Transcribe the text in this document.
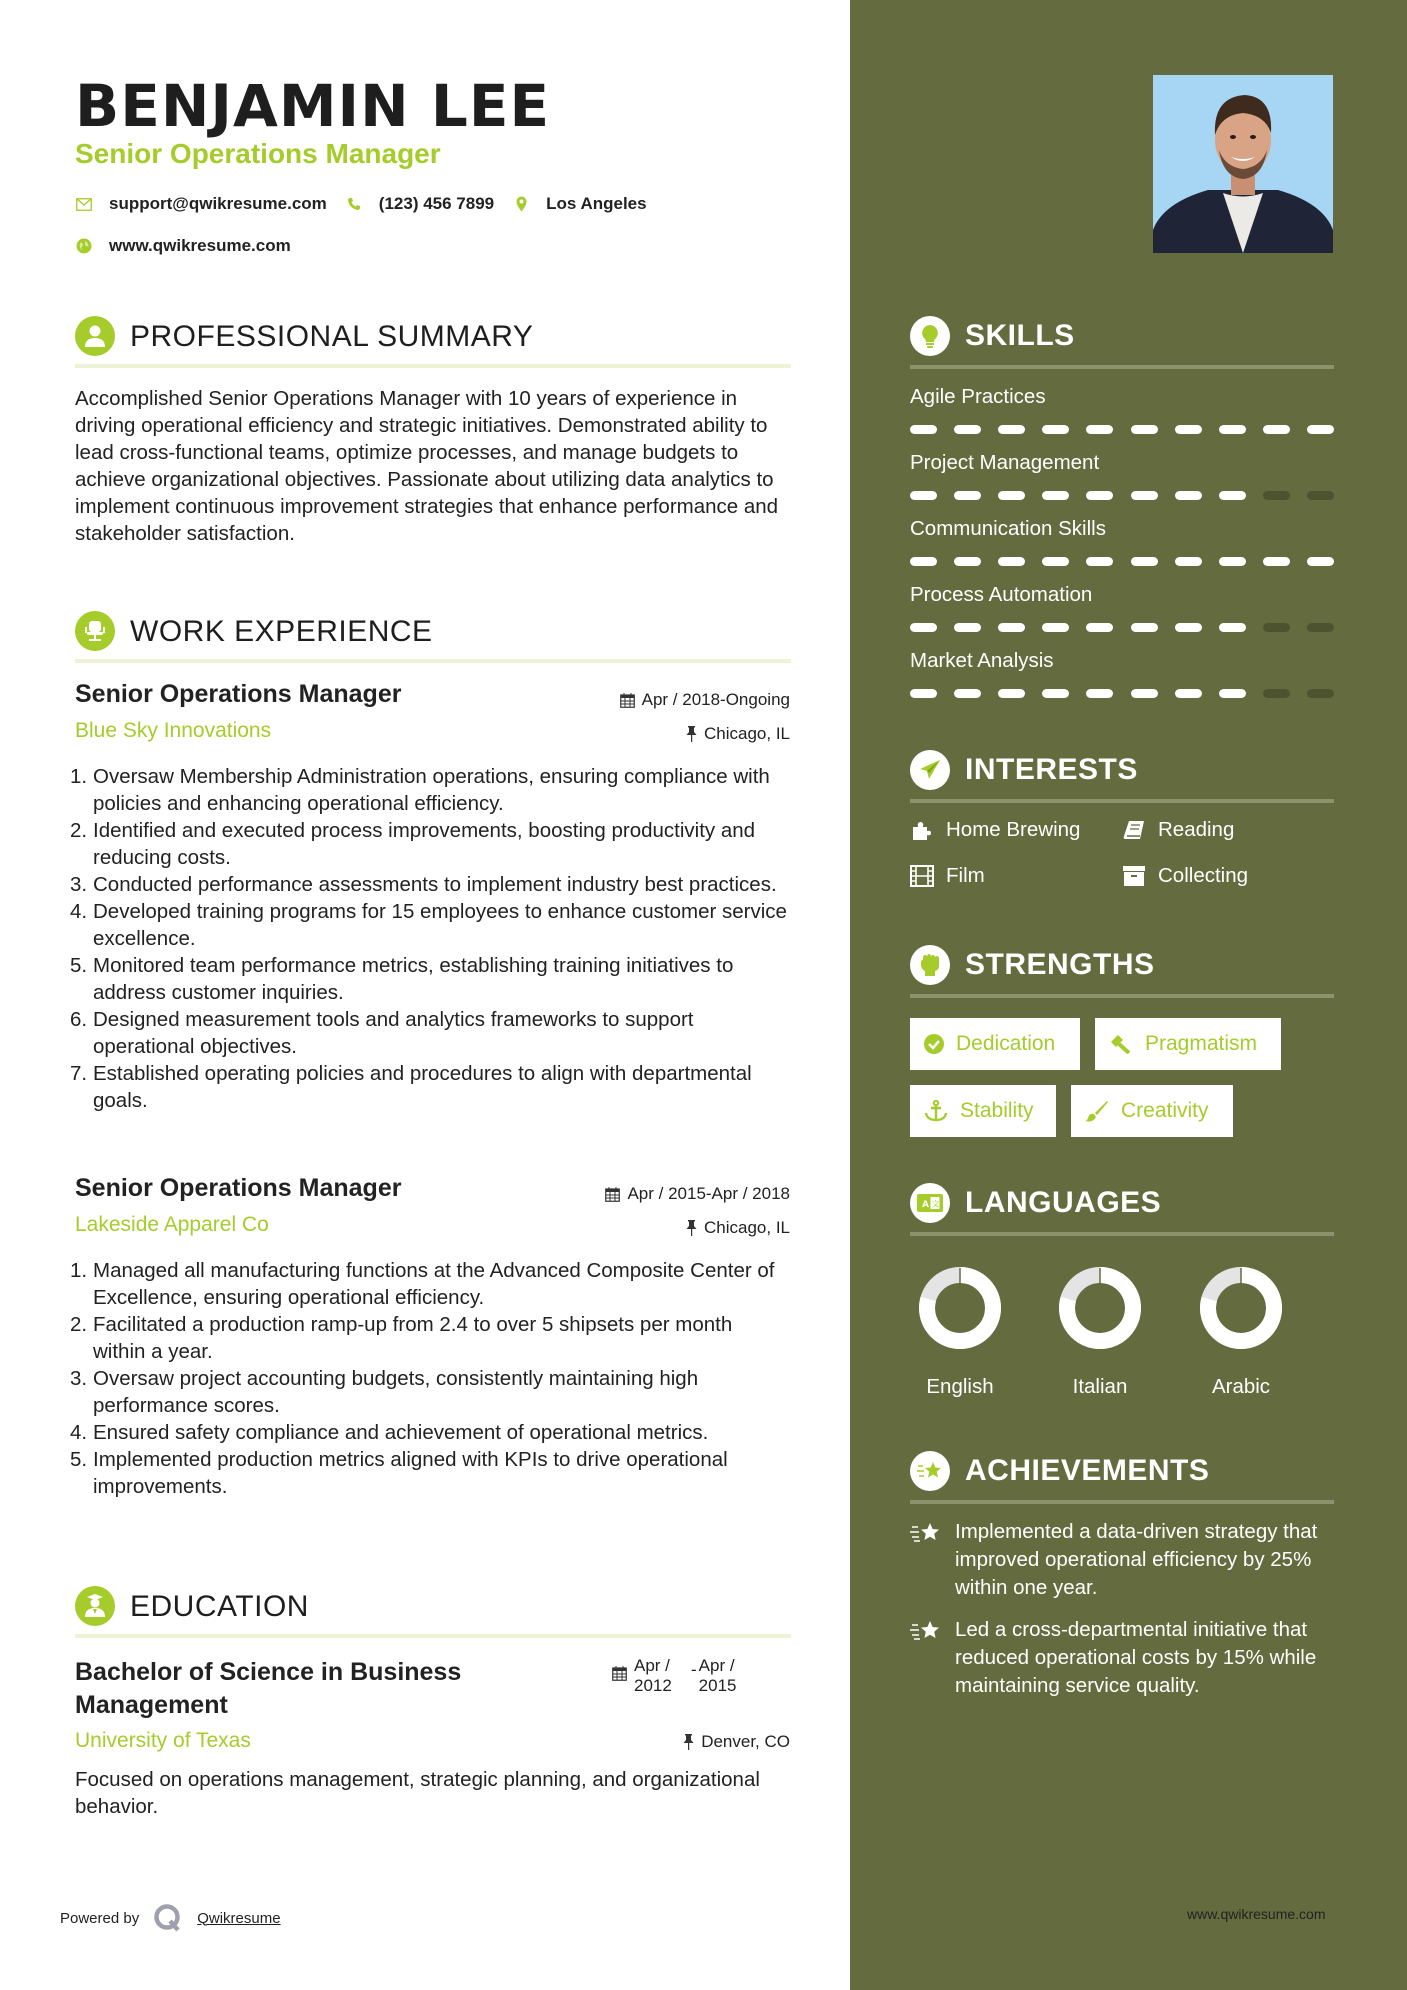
BENJAMIN LEE
Senior Operations Manager
support@qwikresume.com	(123) 456 7899	Los Angeles
www.qwikresume.com
PROFESSIONAL SUMMARY
Accomplished Senior Operations Manager with 10 years of experience in driving operational efficiency and strategic initiatives. Demonstrated ability to lead cross-functional teams, optimize processes, and manage budgets to achieve organizational objectives. Passionate about utilizing data analytics to implement continuous improvement strategies that enhance performance and stakeholder satisfaction.
WORK EXPERIENCE
Senior Operations Manager	Apr / 2018-Ongoing
Blue Sky Innovations	Chicago, IL
1. Oversaw Membership Administration operations, ensuring compliance with policies and enhancing operational efficiency.
2. Identified and executed process improvements, boosting productivity and reducing costs.
3. Conducted performance assessments to implement industry best practices.
4. Developed training programs for 15 employees to enhance customer service excellence.
5. Monitored team performance metrics, establishing training initiatives to address customer inquiries.
6. Designed measurement tools and analytics frameworks to support operational objectives.
7. Established operating policies and procedures to align with departmental goals.
Senior Operations Manager	Apr / 2015-Apr / 2018
Lakeside Apparel Co	Chicago, IL
1. Managed all manufacturing functions at the Advanced Composite Center of Excellence, ensuring operational efficiency.
2. Facilitated a production ramp-up from 2.4 to over 5 shipsets per month within a year.
3. Oversaw project accounting budgets, consistently maintaining high performance scores.
4. Ensured safety compliance and achievement of operational metrics.
5. Implemented production metrics aligned with KPIs to drive operational improvements.
EDUCATION
Bachelor of Science in Business Management
Apr / 2012
- Apr / 2015
University of Texas	Denver, CO
Focused on operations management, strategic planning, and organizational behavior.
Powered by	Qwikresume
SKILLS
INTERESTS
Home Brewing	Reading
Film	Collecting
STRENGTHS
Dedication	Pragmatism
Stability	Creativity
A 文 LANGUAGES
ACHIEVEMENTS
Implemented a data-driven strategy that improved operational efficiency by 25% within one year.
Led a cross-departmental initiative that reduced operational costs by 15% while maintaining service quality.
Agile Practices
Project Management
Communication Skills
Process Automation
Market Analysis
English	Italian	Arabic
www.qwikresume.com
